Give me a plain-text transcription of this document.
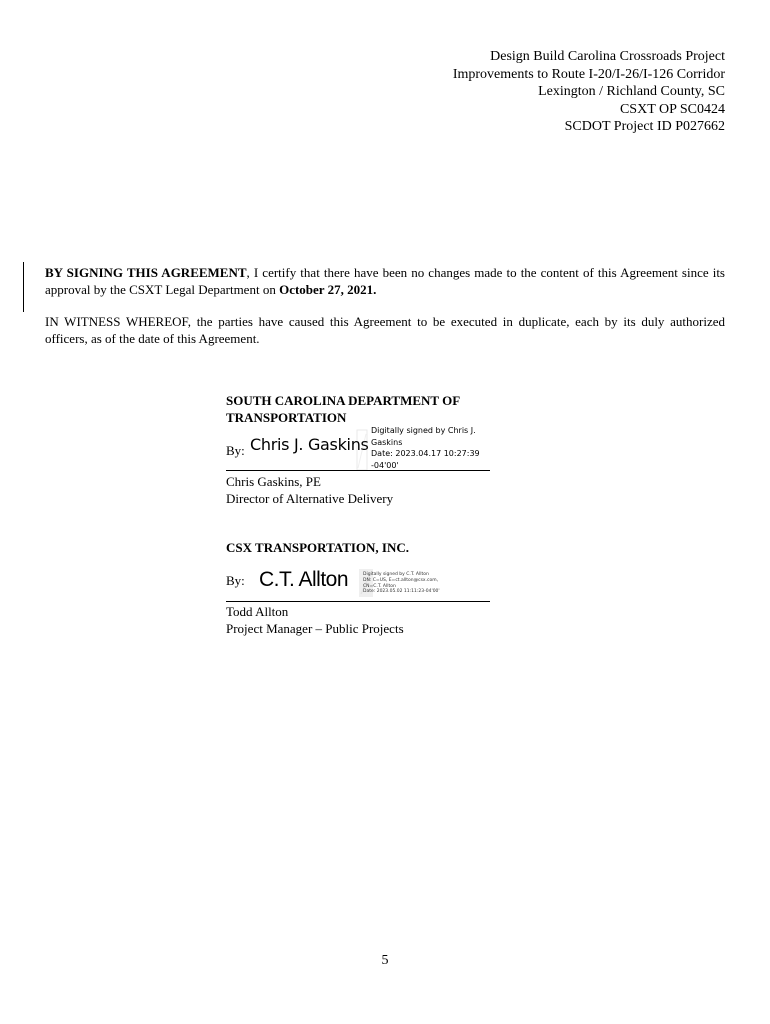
Design Build Carolina Crossroads Project
Improvements to Route I-20/I-26/I-126 Corridor
Lexington / Richland County, SC
CSXT OP SC0424
SCDOT Project ID P027662

BY SIGNING THIS AGREEMENT, I certify that there have been no changes made to the content of this Agreement since its approval by the CSXT Legal Department on October 27, 2021.

IN WITNESS WHEREOF, the parties have caused this Agreement to be executed in duplicate, each by its duly authorized officers, as of the date of this Agreement.

SOUTH CAROLINA DEPARTMENT OF
TRANSPORTATION
By: Chris J. Gaskins
Digitally signed by Chris J.
Gaskins
Date: 2023.04.17 10:27:39
-04'00'
Chris Gaskins, PE
Director of Alternative Delivery
CSX TRANSPORTATION, INC.
By: C.T. Allton	Digitally signed by C.T. Allton
DN: C=US, E=ct.allton@csx.com,
CN=C.T. Allton
Date: 2023.05.02 11:11:23-04'00'
Todd Allton
Project Manager – Public Projects
5
